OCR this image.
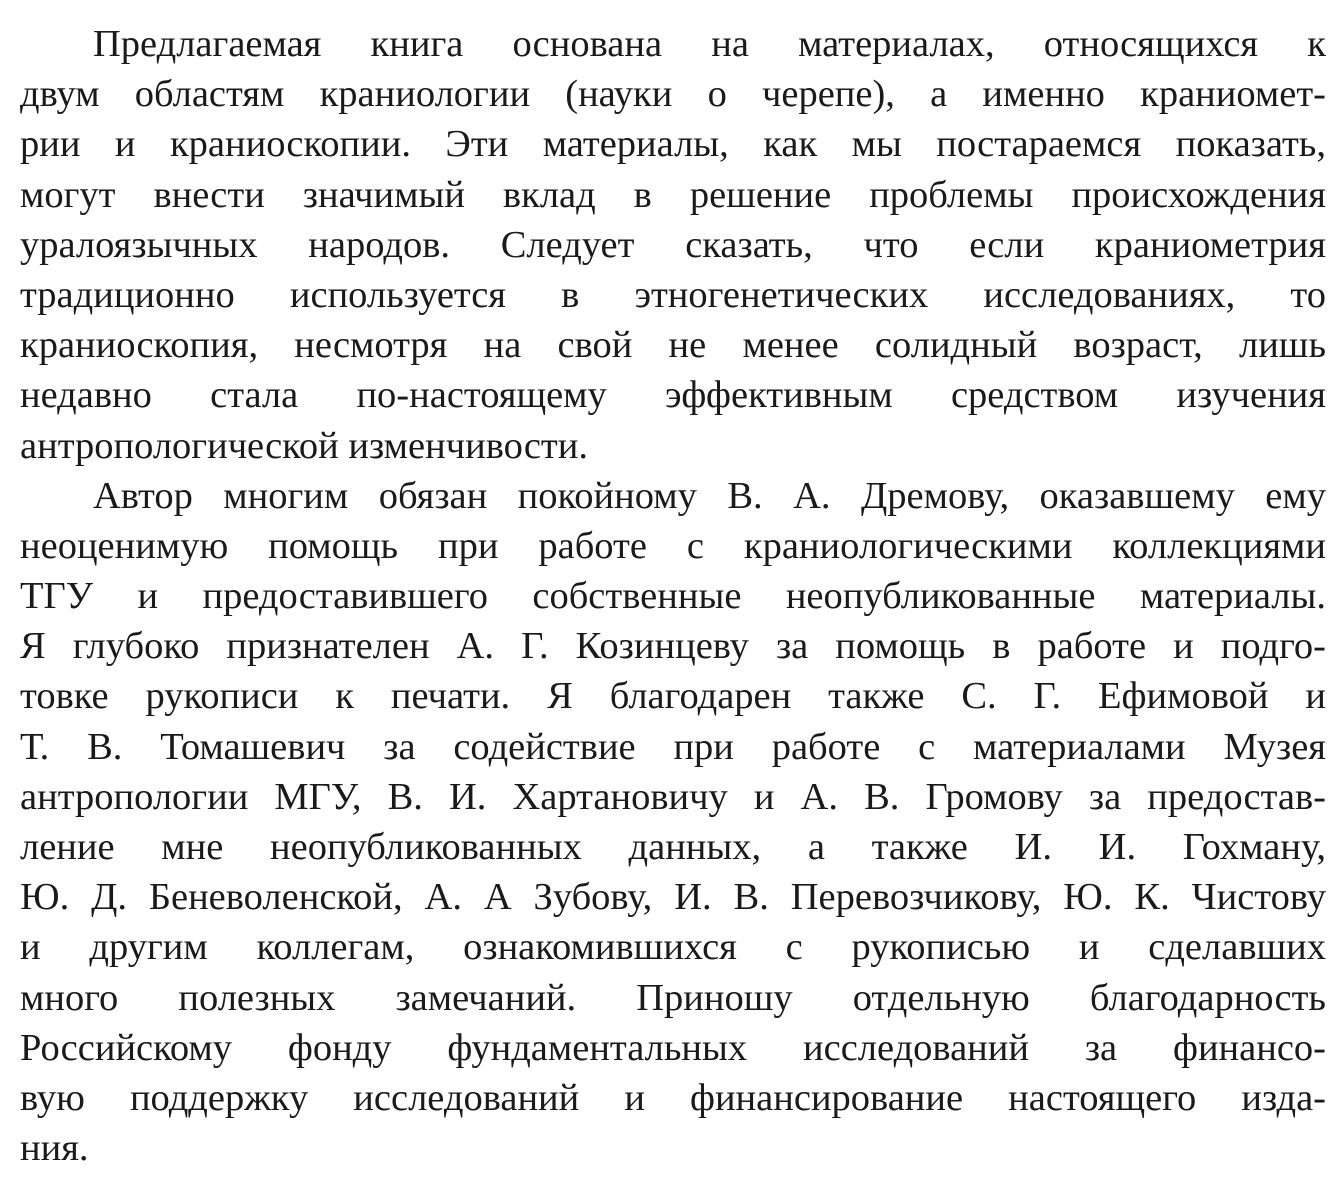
Предлагаемая книга основана на материалах, относящихся к
двум областям краниологии (науки о черепе), а именно краниомет-
рии и краниоскопии. Эти материалы, как мы постараемся показать,
могут внести значимый вклад в решение проблемы происхождения
уралоязычных народов. Следует сказать, что если краниометрия
традиционно используется в этногенетических исследованиях, то
краниоскопия, несмотря на свой не менее солидный возраст, лишь
недавно стала по-настоящему эффективным средством изучения
антропологической изменчивости.
Автор многим обязан покойному В. А. Дремову, оказавшему ему
неоценимую помощь при работе с краниологическими коллекциями
ТГУ и предоставившего собственные неопубликованные материалы.
Я глубоко признателен А. Г. Козинцеву за помощь в работе и подго-
товке рукописи к печати. Я благодарен также С. Г. Ефимовой и
Т. В. Томашевич за содействие при работе с материалами Музея
антропологии МГУ, В. И. Хартановичу и А. В. Громову за предостав-
ление мне неопубликованных данных, а также И. И. Гохману,
Ю. Д. Беневоленской, А. А Зубову, И. В. Перевозчикову, Ю. К. Чистову
и другим коллегам, ознакомившихся с рукописью и сделавших
много полезных замечаний. Приношу отдельную благодарность
Российскому фонду фундаментальных исследований за финансо-
вую поддержку исследований и финансирование настоящего изда-
ния.
